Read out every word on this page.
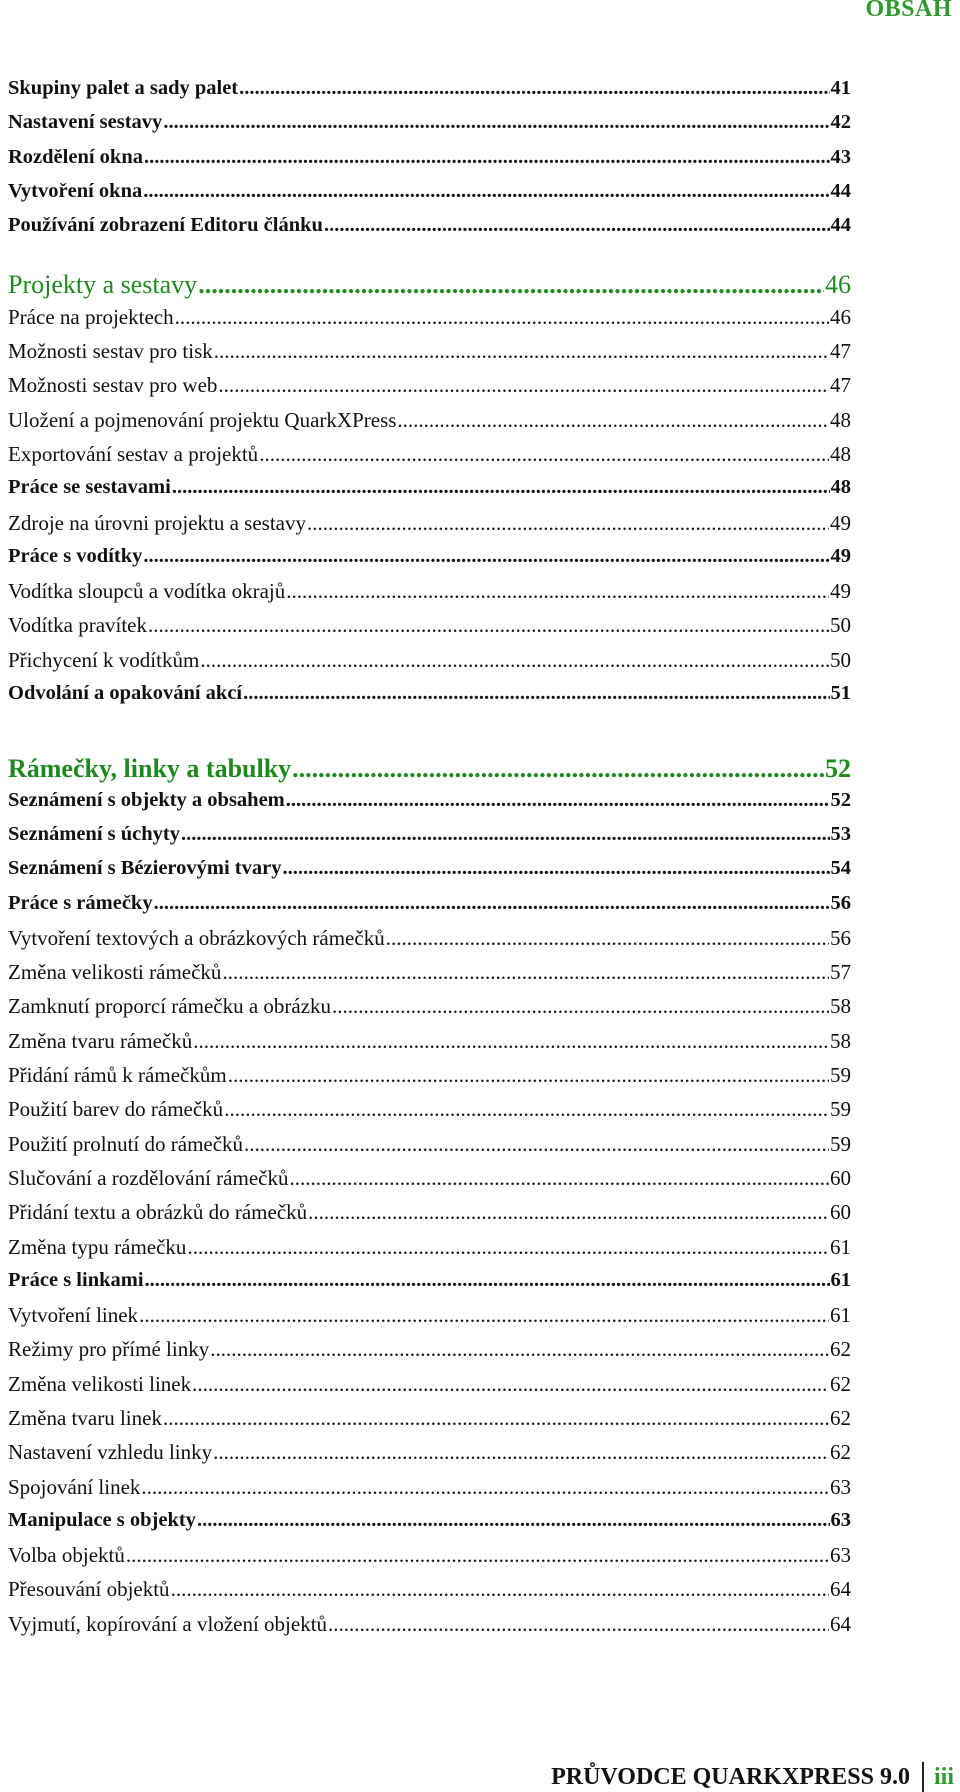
OBSAH
Skupiny palet a sady palet .....	41
Nastavení sestavy .....	42
Rozdělení okna .....	43
Vytvoření okna .....	44
Používání zobrazení Editoru článku .....	44
Projekty a sestavy .....	46
Práce na projektech .....	46
Možnosti sestav pro tisk .....	47
Možnosti sestav pro web .....	47
Uložení a pojmenování projektu QuarkXPress .....	48
Exportování sestav a projektů .....	48
Práce se sestavami .....	48
Zdroje na úrovni projektu a sestavy .....	49
Práce s vodítky .....	49
Vodítka sloupců a vodítka okrajů .....	49
Vodítka pravítek .....	50
Přichycení k vodítkům .....	50
Odvolání a opakování akcí .....	51
Rámečky, linky a tabulky .....	52
Seznámení s objekty a obsahem .....	52
Seznámení s úchyty .....	53
Seznámení s Bézierovými tvary .....	54
Práce s rámečky .....	56
Vytvoření textových a obrázkových rámečků .....	56
Změna velikosti rámečků .....	57
Zamknutí proporcí rámečku a obrázku .....	58
Změna tvaru rámečků .....	58
Přidání rámů k rámečkům .....	59
Použití barev do rámečků .....	59
Použití prolnutí do rámečků .....	59
Slučování a rozdělování rámečků .....	60
Přidání textu a obrázků do rámečků .....	60
Změna typu rámečku .....	61
Práce s linkami .....	61
Vytvoření linek .....	61
Režimy pro přímé linky .....	62
Změna velikosti linek .....	62
Změna tvaru linek .....	62
Nastavení vzhledu linky .....	62
Spojování linek .....	63
Manipulace s objekty .....	63
Volba objektů .....	63
Přesouvání objektů .....	64
Vyjmutí, kopírování a vložení objektů .....	64
PRŮVODCE QUARKXPRESS 9.0 iii
